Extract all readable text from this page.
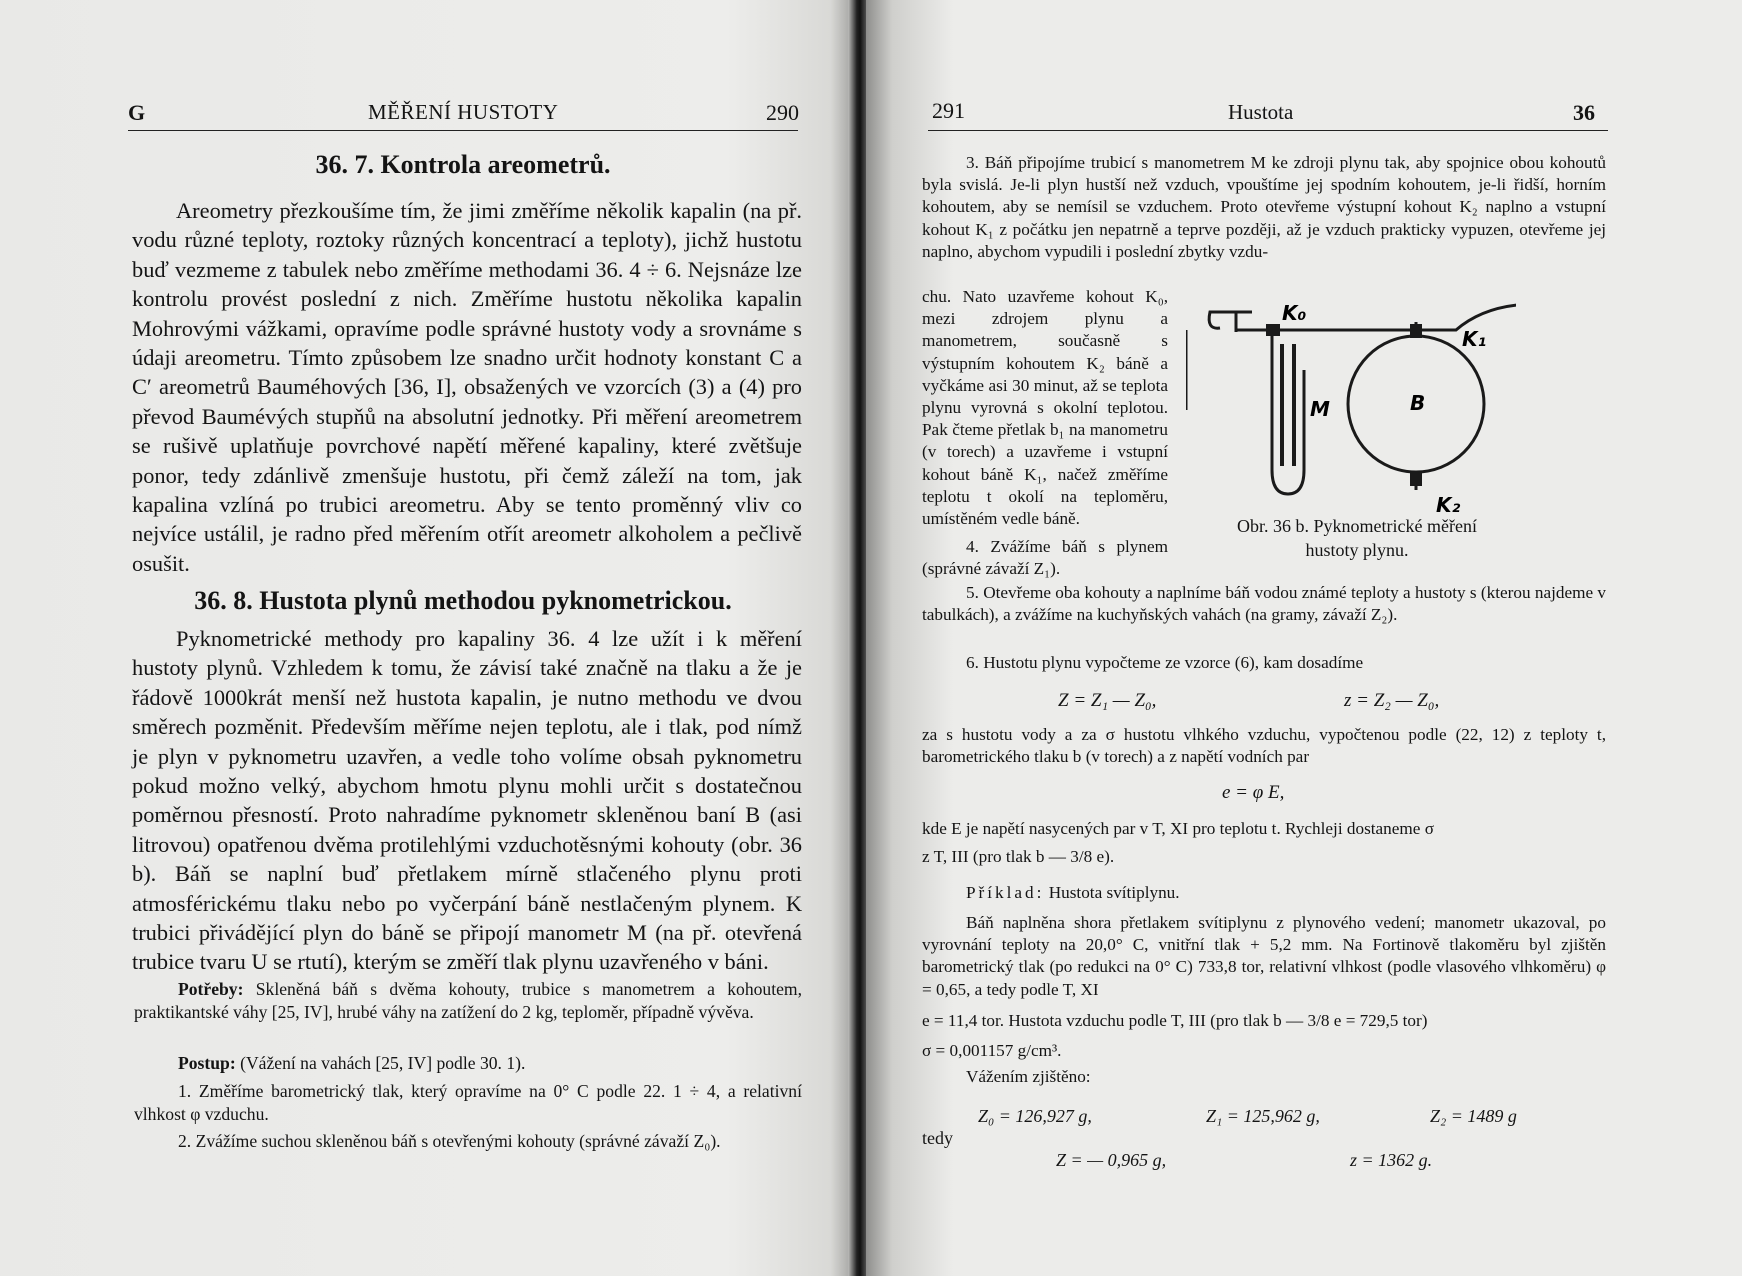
G	MĚŘENÍ HUSTOTY	290
36. 7. Kontrola areometrů.

Areometry přezkoušíme tím, že jimi změříme několik kapalin (na př. vodu různé teploty, roztoky různých koncentrací a teploty), jichž hustotu buď vezmeme z tabulek nebo změříme methodami 36. 4 ÷ 6. Nejsnáze lze kontrolu provést poslední z nich. Změříme hustotu několika kapalin Mohrovými vážkami, opravíme podle správné hustoty vody a srovnáme s údaji areometru. Tímto způsobem lze snadno určit hodnoty konstant C a C′ areometrů Bauméhových [36, I], obsažených ve vzorcích (3) a (4) pro převod Baumévých stupňů na absolutní jednotky. Při měření areometrem se rušivě uplatňuje povrchové napětí měřené kapaliny, které zvětšuje ponor, tedy zdánlivě zmenšuje hustotu, při čemž záleží na tom, jak kapalina vzlíná po trubici areometru. Aby se tento proměnný vliv co nejvíce ustálil, je radno před měřením otřít areometr alkoholem a pečlivě osušit.

36. 8. Hustota plynů methodou pyknometrickou.

Pyknometrické methody pro kapaliny 36. 4 lze užít i k měření hustoty plynů. Vzhledem k tomu, že závisí také značně na tlaku a že je řádově 1000krát menší než hustota kapalin, je nutno methodu ve dvou směrech pozměnit. Především měříme nejen teplotu, ale i tlak, pod nímž je plyn v pyknometru uzavřen, a vedle toho volíme obsah pyknometru pokud možno velký, abychom hmotu plynu mohli určit s dostatečnou poměrnou přesností. Proto nahradíme pyknometr skleněnou baní B (asi litrovou) opatřenou dvěma protilehlými vzduchotěsnými kohouty (obr. 36 b). Báň se naplní buď přetlakem mírně stlačeného plynu proti atmosférickému tlaku nebo po vyčerpání báně nestlačeným plynem. K trubici přivádějící plyn do báně se připojí manometr M (na př. otevřená trubice tvaru U se rtutí), kterým se změří tlak plynu uzavřeného v báni.

Potřeby: Skleněná báň s dvěma kohouty, trubice s manometrem a kohoutem, praktikantské váhy [25, IV], hrubé váhy na zatížení do 2 kg, teploměr, případně vývěva.

Postup: (Vážení na vahách [25, IV] podle 30. 1).

1. Změříme barometrický tlak, který opravíme na 0° C podle 22. 1 ÷ 4, a relativní vlhkost φ vzduchu.

2. Zvážíme suchou skleněnou báň s otevřenými kohouty (správné závaží Z₀).

291	Hustota	36

3. Báň připojíme trubicí s manometrem M ke zdroji plynu tak, aby spojnice obou kohoutů byla svislá. Je-li plyn hustší než vzduch, vpouštíme jej spodním kohoutem, je-li řidší, horním kohoutem, aby se nemísil se vzduchem. Proto otevřeme výstupní kohout K₂ naplno a vstupní kohout K₁ z počátku jen nepatrně a teprve později, až je vzduch prakticky vypuzen, otevřeme jej naplno, abychom vypudili i poslední zbytky vzdu-

chu. Nato uzavřeme kohout K₀, mezi zdrojem plynu a manometrem, současně s výstupním kohoutem K₂ báně a vyčkáme asi 30 minut, až se teplota plynu vyrovná s okolní teplotou. Pak čteme přetlak b₁ na manometru (v torech) a uzavřeme i vstupní kohout báně K₁, načež změříme teplotu t okolí na teploměru, umístěném vedle báně.

K₀
K₁
K₂
M	B
Obr. 36 b. Pyknometrické měření hustoty plynu.

4. Zvážíme báň s plynem (správné závaží Z₁).

5. Otevřeme oba kohouty a naplníme báň vodou známé teploty a hustoty s (kterou najdeme v tabulkách), a zvážíme na kuchyňských vahách (na gramy, závaží Z₂).

6. Hustotu plynu vypočteme ze vzorce (6), kam dosadíme

Z = Z₁ — Z₀,	z = Z₂ — Z₀,

za s hustotu vody a za σ hustotu vlhkého vzduchu, vypočtenou podle (22, 12) z teploty t, barometrického tlaku b (v torech) a z napětí vodních par

e = φ E,

kde E je napětí nasycených par v T, XI pro teplotu t. Rychleji dostaneme σ

z T, III (pro tlak b — 3/8 e).

Příklad: Hustota svítiplynu.

Báň naplněna shora přetlakem svítiplynu z plynového vedení; manometr ukazoval, po vyrovnání teploty na 20,0° C, vnitřní tlak + 5,2 mm. Na Fortinově tlakoměru byl zjištěn barometrický tlak (po redukci na 0° C) 733,8 tor, relativní vlhkost (podle vlasového vlhkoměru) φ = 0,65, a tedy podle T, XI

e = 11,4 tor. Hustota vzduchu podle T, III (pro tlak b — 3/8 e = 729,5 tor)

σ = 0,001157 g/cm³.

Vážením zjištěno:

Z₀ = 126,927 g,	Z₁ = 125,962 g,	Z₂ = 1489 g
tedy
Z = — 0,965 g,	z = 1362 g.
